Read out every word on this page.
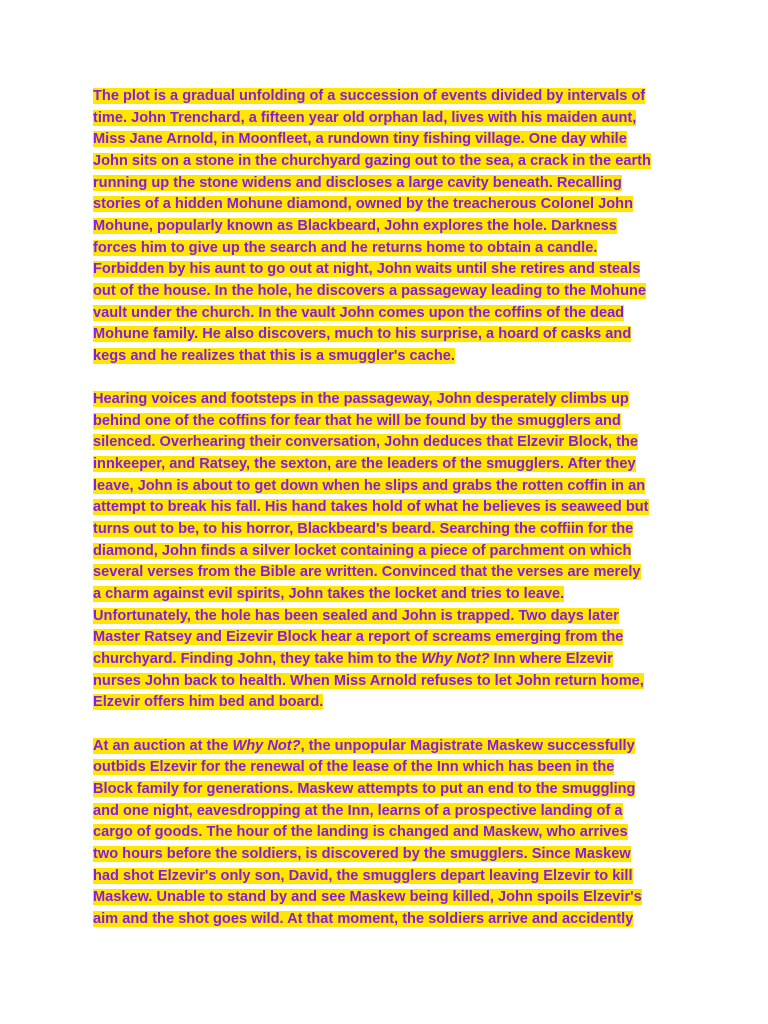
The plot is a gradual unfolding of a succession of events divided by intervals of
time. John Trenchard, a fifteen year old orphan lad, lives with his maiden aunt,
Miss Jane Arnold, in Moonfleet, a rundown tiny fishing village. One day while
John sits on a stone in the churchyard gazing out to the sea, a crack in the earth
running up the stone widens and discloses a large cavity beneath. Recalling
stories of a hidden Mohune diamond, owned by the treacherous Colonel John
Mohune, popularly known as Blackbeard, John explores the hole. Darkness
forces him to give up the search and he returns home to obtain a candle.
Forbidden by his aunt to go out at night, John waits until she retires and steals
out of the house. In the hole, he discovers a passageway leading to the Mohune
vault under the church. In the vault John comes upon the coffins of the dead
Mohune family. He also discovers, much to his surprise, a hoard of casks and
kegs and he realizes that this is a smuggler's cache.
Hearing voices and footsteps in the passageway, John desperately climbs up
behind one of the coffins for fear that he will be found by the smugglers and
silenced. Overhearing their conversation, John deduces that Elzevir Block, the
innkeeper, and Ratsey, the sexton, are the leaders of the smugglers. After they
leave, John is about to get down when he slips and grabs the rotten coffin in an
attempt to break his fall. His hand takes hold of what he believes is seaweed but
turns out to be, to his horror, Blackbeard's beard. Searching the coffiin for the
diamond, John finds a silver locket containing a piece of parchment on which
several verses from the Bible are written. Convinced that the verses are merely
a charm against evil spirits, John takes the locket and tries to leave.
Unfortunately, the hole has been sealed and John is trapped. Two days later
Master Ratsey and Eizevir Block hear a report of screams emerging from the
churchyard. Finding John, they take him to the Why Not? Inn where Elzevir
nurses John back to health. When Miss Arnold refuses to let John return home,
Elzevir offers him bed and board.
At an auction at the Why Not?, the unpopular Magistrate Maskew successfully
outbids Elzevir for the renewal of the lease of the Inn which has been in the
Block family for generations. Maskew attempts to put an end to the smuggling
and one night, eavesdropping at the Inn, learns of a prospective landing of a
cargo of goods. The hour of the landing is changed and Maskew, who arrives
two hours before the soldiers, is discovered by the smugglers. Since Maskew
had shot Elzevir's only son, David, the smugglers depart leaving Elzevir to kill
Maskew. Unable to stand by and see Maskew being killed, John spoils Elzevir's
aim and the shot goes wild. At that moment, the soldiers arrive and accidently
